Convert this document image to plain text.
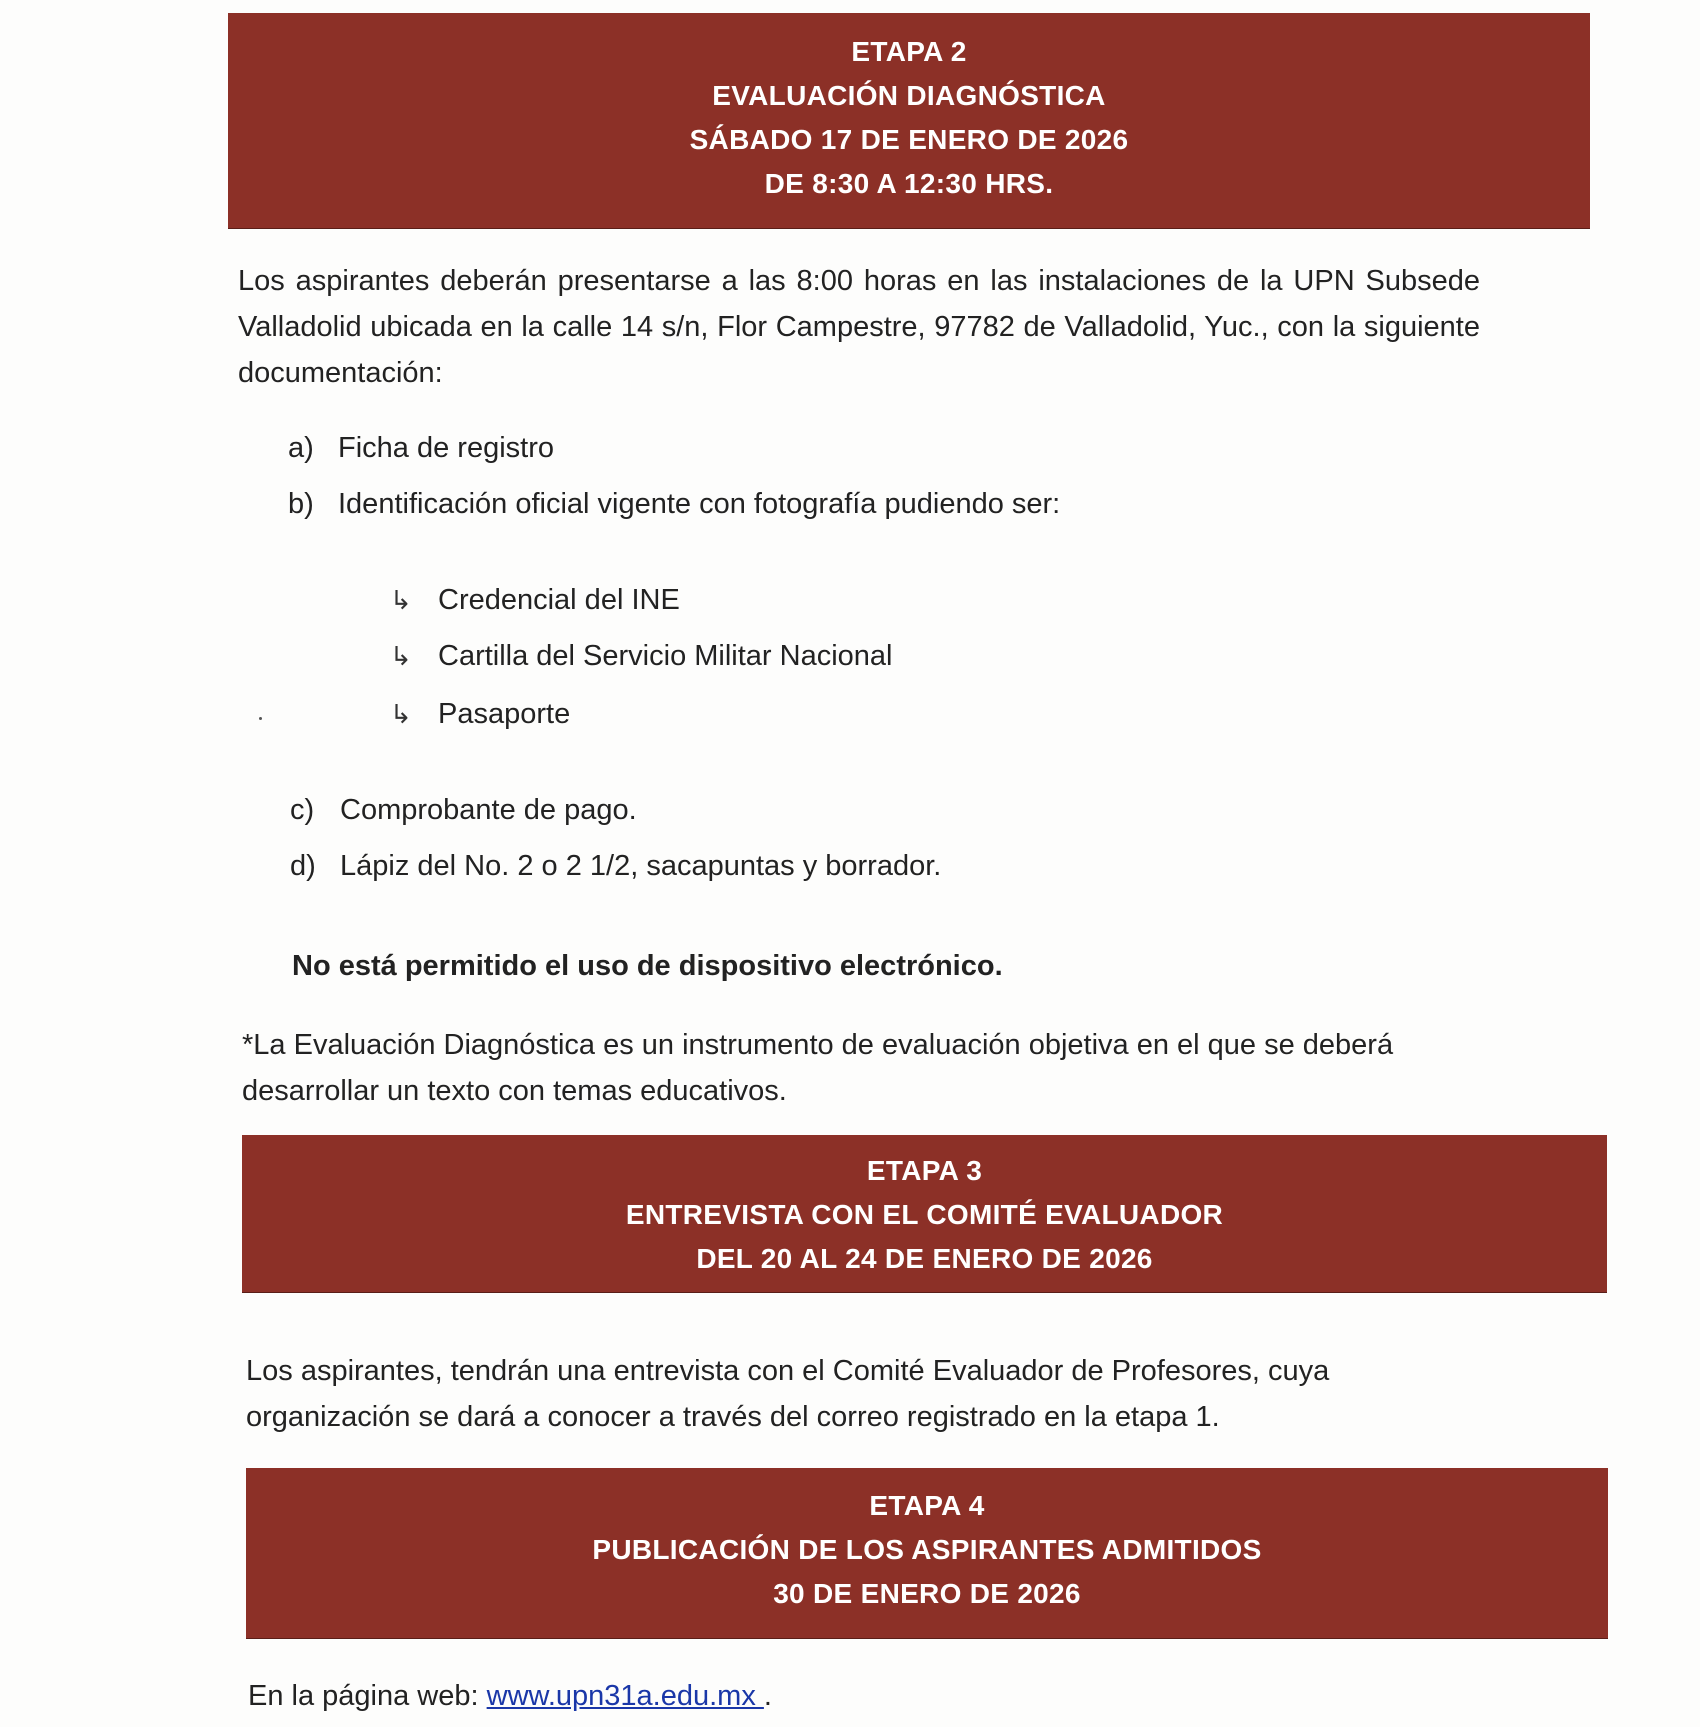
ETAPA 2
EVALUACIÓN DIAGNÓSTICA
SÁBADO 17 DE ENERO DE 2026
DE 8:30 A 12:30 HRS.
Los aspirantes deberán presentarse a las 8:00 horas en las instalaciones de la UPN Subsede Valladolid ubicada en la calle 14 s/n, Flor Campestre, 97782 de Valladolid, Yuc., con la siguiente documentación:
a) Ficha de registro
b) Identificación oficial vigente con fotografía pudiendo ser:
↳ Credencial del INE
↳ Cartilla del Servicio Militar Nacional
↳ Pasaporte
c) Comprobante de pago.
d) Lápiz del No. 2 o 2 1/2, sacapuntas y borrador.
No está permitido el uso de dispositivo electrónico.
*La Evaluación Diagnóstica es un instrumento de evaluación objetiva en el que se deberá desarrollar un texto con temas educativos.
ETAPA 3
ENTREVISTA CON EL COMITÉ EVALUADOR
DEL 20 AL 24 DE ENERO DE 2026
Los aspirantes, tendrán una entrevista con el Comité Evaluador de Profesores, cuya organización se dará a conocer a través del correo registrado en la etapa 1.
ETAPA 4
PUBLICACIÓN DE LOS ASPIRANTES ADMITIDOS
30 DE ENERO DE 2026
En la página web: www.upn31a.edu.mx .
